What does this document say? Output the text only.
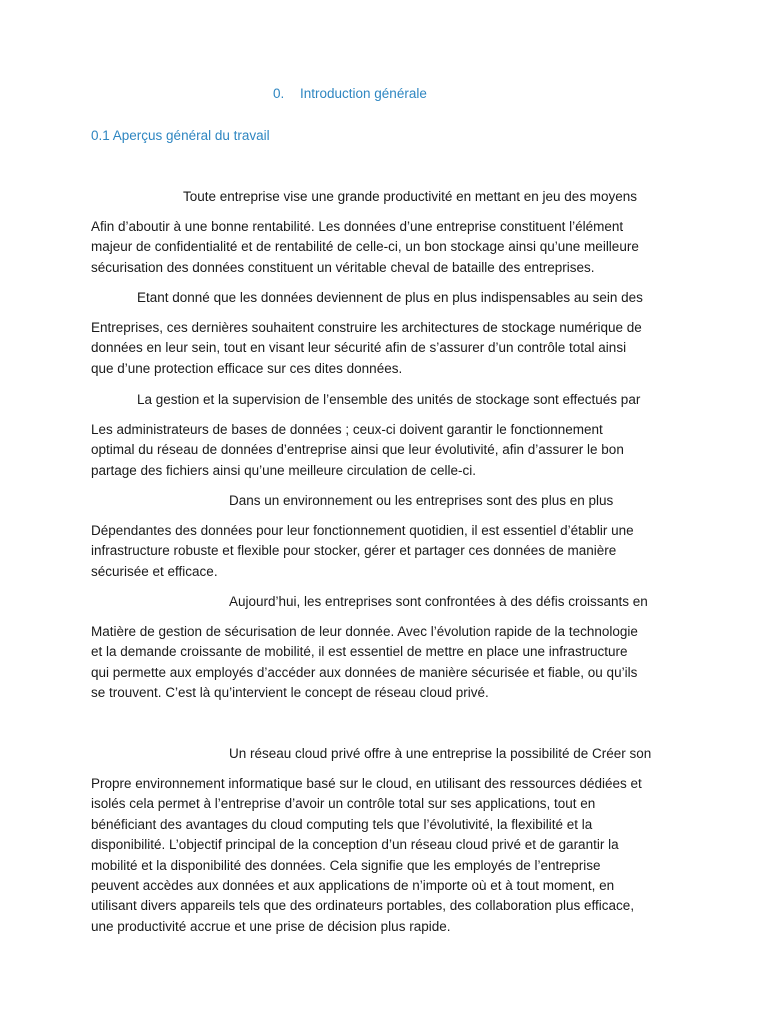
0. Introduction générale
0.1 Aperçus général du travail

Toute entreprise vise une grande productivité en mettant en jeu des moyens

Afin d’aboutir à une bonne rentabilité. Les données d’une entreprise constituent l’élément
majeur de confidentialité et de rentabilité de celle-ci, un bon stockage ainsi qu’une meilleure
sécurisation des données constituent un véritable cheval de bataille des entreprises.

Etant donné que les données deviennent de plus en plus indispensables au sein des

Entreprises, ces dernières souhaitent construire les architectures de stockage numérique de
données en leur sein, tout en visant leur sécurité afin de s’assurer d’un contrôle total ainsi
que d’une protection efficace sur ces dites données.

La gestion et la supervision de l’ensemble des unités de stockage sont effectués par

Les administrateurs de bases de données ; ceux-ci doivent garantir le fonctionnement
optimal du réseau de données d’entreprise ainsi que leur évolutivité, afin d’assurer le bon
partage des fichiers ainsi qu’une meilleure circulation de celle-ci.

Dans un environnement ou les entreprises sont des plus en plus

Dépendantes des données pour leur fonctionnement quotidien, il est essentiel d’établir une
infrastructure robuste et flexible pour stocker, gérer et partager ces données de manière
sécurisée et efficace.

Aujourd’hui, les entreprises sont confrontées à des défis croissants en

Matière de gestion de sécurisation de leur donnée. Avec l’évolution rapide de la technologie
et la demande croissante de mobilité, il est essentiel de mettre en place une infrastructure
qui permette aux employés d’accéder aux données de manière sécurisée et fiable, ou qu’ils
se trouvent. C’est là qu’intervient le concept de réseau cloud privé.

Un réseau cloud privé offre à une entreprise la possibilité de Créer son

Propre environnement informatique basé sur le cloud, en utilisant des ressources dédiées et
isolés cela permet à l’entreprise d’avoir un contrôle total sur ses applications, tout en
bénéficiant des avantages du cloud computing tels que l’évolutivité, la flexibilité et la
disponibilité. L’objectif principal de la conception d’un réseau cloud privé et de garantir la
mobilité et la disponibilité des données. Cela signifie que les employés de l’entreprise
peuvent accèdes aux données et aux applications de n’importe où et à tout moment, en
utilisant divers appareils tels que des ordinateurs portables, des collaboration plus efficace,
une productivité accrue et une prise de décision plus rapide.
